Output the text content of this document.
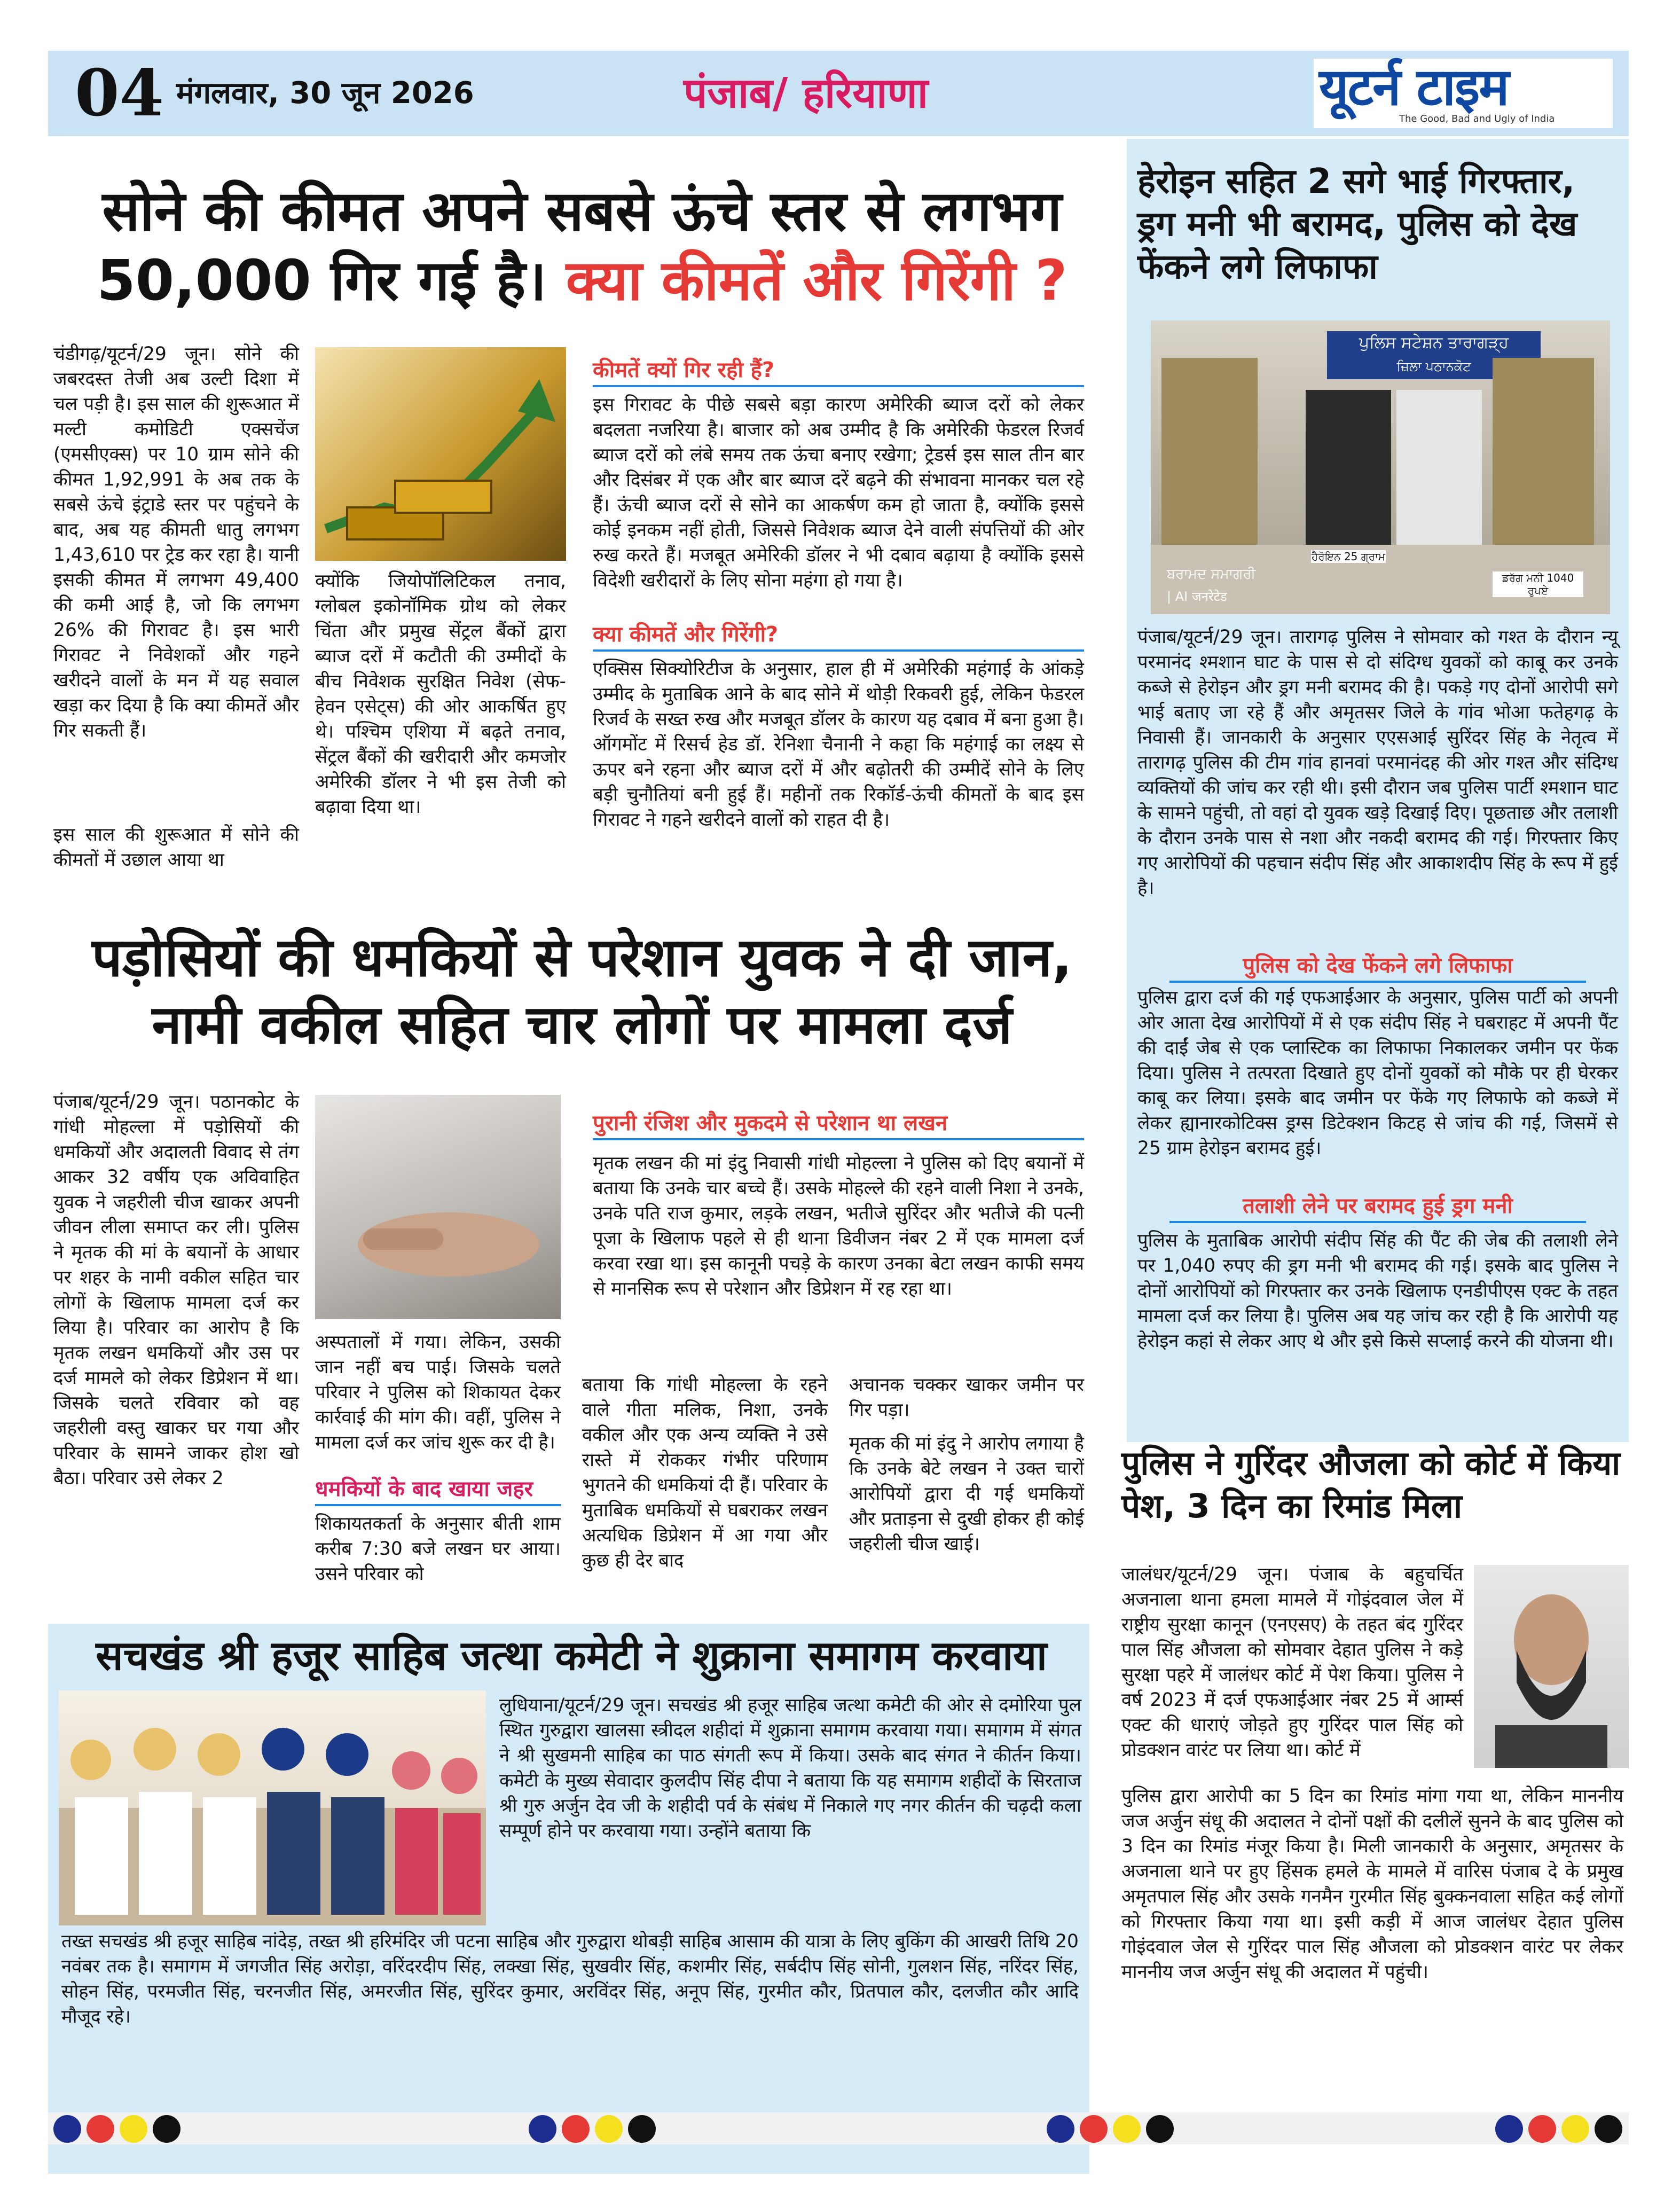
04 मंगलवार, 30 जून 2026	पंजाब/ हरियाणा	यूटर्न टाइम
The Good, Bad and Ugly of India
सोने की कीमत अपने सबसे ऊंचे स्तर से लगभग
50,000 गिर गई है। क्या कीमतें और गिरेंगी ?
चंडीगढ़/यूटर्न/29 जून। सोने की जबरदस्त तेजी अब उल्टी दिशा में चल पड़ी है। इस साल की शुरूआत में मल्टी कमोडिटी एक्सचेंज (एमसीएक्स) पर 10 ग्राम सोने की कीमत 1,92,991 के अब तक के सबसे ऊंचे इंट्राडे स्तर पर पहुंचने के बाद, अब यह कीमती धातु लगभग 1,43,610 पर ट्रेड कर रहा है। यानी इसकी कीमत में लगभग 49,400 की कमी आई है, जो कि लगभग 26% की गिरावट है। इस भारी गिरावट ने निवेशकों और गहने खरीदने वालों के मन में यह सवाल खड़ा कर दिया है कि क्या कीमतें और गिर सकती हैं।
इस साल की शुरूआत में सोने की कीमतों में उछाल आया था
क्योंकि जियोपॉलिटिकल तनाव, ग्लोबल इकोनॉमिक ग्रोथ को लेकर चिंता और प्रमुख सेंट्रल बैंकों द्वारा ब्याज दरों में कटौती की उम्मीदों के बीच निवेशक सुरक्षित निवेश (सेफ-हेवन एसेट्स) की ओर आकर्षित हुए थे। पश्चिम एशिया में बढ़ते तनाव, सेंट्रल बैंकों की खरीदारी और कमजोर अमेरिकी डॉलर ने भी इस तेजी को बढ़ावा दिया था।
कीमतें क्यों गिर रही हैं?
इस गिरावट के पीछे सबसे बड़ा कारण अमेरिकी ब्याज दरों को लेकर बदलता नजरिया है। बाजार को अब उम्मीद है कि अमेरिकी फेडरल रिजर्व ब्याज दरों को लंबे समय तक ऊंचा बनाए रखेगा; ट्रेडर्स इस साल तीन बार और दिसंबर में एक और बार ब्याज दरें बढ़ने की संभावना मानकर चल रहे हैं। ऊंची ब्याज दरों से सोने का आकर्षण कम हो जाता है, क्योंकि इससे कोई इनकम नहीं होती, जिससे निवेशक ब्याज देने वाली संपत्तियों की ओर रुख करते हैं। मजबूत अमेरिकी डॉलर ने भी दबाव बढ़ाया है क्योंकि इससे विदेशी खरीदारों के लिए सोना महंगा हो गया है।
क्या कीमतें और गिरेंगी?
एक्सिस सिक्योरिटीज के अनुसार, हाल ही में अमेरिकी महंगाई के आंकड़े उम्मीद के मुताबिक आने के बाद सोने में थोड़ी रिकवरी हुई, लेकिन फेडरल रिजर्व के सख्त रुख और मजबूत डॉलर के कारण यह दबाव में बना हुआ है। ऑगमोंट में रिसर्च हेड डॉ. रेनिशा चैनानी ने कहा कि महंगाई का लक्ष्य से ऊपर बने रहना और ब्याज दरों में और बढ़ोतरी की उम्मीदें सोने के लिए बड़ी चुनौतियां बनी हुई हैं। महीनों तक रिकॉर्ड-ऊंची कीमतों के बाद इस गिरावट ने गहने खरीदने वालों को राहत दी है।
पड़ोसियों की धमकियों से परेशान युवक ने दी जान,
नामी वकील सहित चार लोगों पर मामला दर्ज
पंजाब/यूटर्न/29 जून। पठानकोट के गांधी मोहल्ला में पड़ोसियों की धमकियों और अदालती विवाद से तंग आकर 32 वर्षीय एक अविवाहित युवक ने जहरीली चीज खाकर अपनी जीवन लीला समाप्त कर ली। पुलिस ने मृतक की मां के बयानों के आधार पर शहर के नामी वकील सहित चार लोगों के खिलाफ मामला दर्ज कर लिया है। परिवार का आरोप है कि मृतक लखन धमकियों और उस पर दर्ज मामले को लेकर डिप्रेशन में था। जिसके चलते रविवार को वह जहरीली वस्तु खाकर घर गया और परिवार के सामने जाकर होश खो बैठा। परिवार उसे लेकर 2
अस्पतालों में गया। लेकिन, उसकी जान नहीं बच पाई। जिसके चलते परिवार ने पुलिस को शिकायत देकर कार्रवाई की मांग की। वहीं, पुलिस ने मामला दर्ज कर जांच शुरू कर दी है।
धमकियों के बाद खाया जहर
शिकायतकर्ता के अनुसार बीती शाम करीब 7:30 बजे लखन घर आया। उसने परिवार को
पुरानी रंजिश और मुकदमे से परेशान था लखन
मृतक लखन की मां इंदु निवासी गांधी मोहल्ला ने पुलिस को दिए बयानों में बताया कि उनके चार बच्चे हैं। उसके मोहल्ले की रहने वाली निशा ने उनके, उनके पति राज कुमार, लड़के लखन, भतीजे सुरिंदर और भतीजे की पत्नी पूजा के खिलाफ पहले से ही थाना डिवीजन नंबर 2 में एक मामला दर्ज करवा रखा था। इस कानूनी पचड़े के कारण उनका बेटा लखन काफी समय से मानसिक रूप से परेशान और डिप्रेशन में रह रहा था।
बताया कि गांधी मोहल्ला के रहने वाले गीता मलिक, निशा, उनके वकील और एक अन्य व्यक्ति ने उसे रास्ते में रोककर गंभीर परिणाम भुगतने की धमकियां दी हैं। परिवार के मुताबिक धमकियों से घबराकर लखन अत्यधिक डिप्रेशन में आ गया और कुछ ही देर बाद
अचानक चक्कर खाकर जमीन पर गिर पड़ा।
मृतक की मां इंदु ने आरोप लगाया है कि उनके बेटे लखन ने उक्त चारों आरोपियों द्वारा दी गई धमकियों और प्रताड़ना से दुखी होकर ही कोई जहरीली चीज खाई।
हेरोइन सहित 2 सगे भाई गिरफ्तार, ड्रग मनी भी बरामद, पुलिस को देख फेंकने लगे लिफाफा
ਪੁਲਿਸ ਸਟੇਸ਼ਨ ਤਾਰਾਗੜ੍ਹ
ਜ਼ਿਲਾ ਪਠਾਨਕੋਟ
ਬਰਾਮਦ ਸਮਾਗਰੀ
| AI जनरेटेड
ਹੈਰੋਇਨ 25 ਗ੍ਰਾਮ
ਡਰੱਗ ਮਨੀ 1040 ਰੁਪਏ
पंजाब/यूटर्न/29 जून। तारागढ़ पुलिस ने सोमवार को गश्त के दौरान न्यू परमानंद श्मशान घाट के पास से दो संदिग्ध युवकों को काबू कर उनके कब्जे से हेरोइन और ड्रग मनी बरामद की है। पकड़े गए दोनों आरोपी सगे भाई बताए जा रहे हैं और अमृतसर जिले के गांव भोआ फतेहगढ़ के निवासी हैं। जानकारी के अनुसार एएसआई सुरिंदर सिंह के नेतृत्व में तारागढ़ पुलिस की टीम गांव हानवां परमानंदह की ओर गश्त और संदिग्ध व्यक्तियों की जांच कर रही थी। इसी दौरान जब पुलिस पार्टी श्मशान घाट के सामने पहुंची, तो वहां दो युवक खड़े दिखाई दिए। पूछताछ और तलाशी के दौरान उनके पास से नशा और नकदी बरामद की गई। गिरफ्तार किए गए आरोपियों की पहचान संदीप सिंह और आकाशदीप सिंह के रूप में हुई है।
पुलिस को देख फेंकने लगे लिफाफा
पुलिस द्वारा दर्ज की गई एफआईआर के अनुसार, पुलिस पार्टी को अपनी ओर आता देख आरोपियों में से एक संदीप सिंह ने घबराहट में अपनी पैंट की दाईं जेब से एक प्लास्टिक का लिफाफा निकालकर जमीन पर फेंक दिया। पुलिस ने तत्परता दिखाते हुए दोनों युवकों को मौके पर ही घेरकर काबू कर लिया। इसके बाद जमीन पर फेंके गए लिफाफे को कब्जे में लेकर ह्यानारकोटिक्स ड्रग्स डिटेक्शन किटह से जांच की गई, जिसमें से 25 ग्राम हेरोइन बरामद हुई।
तलाशी लेने पर बरामद हुई ड्रग मनी
पुलिस के मुताबिक आरोपी संदीप सिंह की पैंट की जेब की तलाशी लेने पर 1,040 रुपए की ड्रग मनी भी बरामद की गई। इसके बाद पुलिस ने दोनों आरोपियों को गिरफ्तार कर उनके खिलाफ एनडीपीएस एक्ट के तहत मामला दर्ज कर लिया है। पुलिस अब यह जांच कर रही है कि आरोपी यह हेरोइन कहां से लेकर आए थे और इसे किसे सप्लाई करने की योजना थी।
पुलिस ने गुरिंदर औजला को कोर्ट में किया पेश, 3 दिन का रिमांड मिला
जालंधर/यूटर्न/29 जून। पंजाब के बहुचर्चित अजनाला थाना हमला मामले में गोइंदवाल जेल में राष्ट्रीय सुरक्षा कानून (एनएसए) के तहत बंद गुरिंदर पाल सिंह औजला को सोमवार देहात पुलिस ने कड़े सुरक्षा पहरे में जालंधर कोर्ट में पेश किया। पुलिस ने वर्ष 2023 में दर्ज एफआईआर नंबर 25 में आर्म्स एक्ट की धाराएं जोड़ते हुए गुरिंदर पाल सिंह को प्रोडक्शन वारंट पर लिया था। कोर्ट में
पुलिस द्वारा आरोपी का 5 दिन का रिमांड मांगा गया था, लेकिन माननीय जज अर्जुन संधू की अदालत ने दोनों पक्षों की दलीलें सुनने के बाद पुलिस को 3 दिन का रिमांड मंजूर किया है। मिली जानकारी के अनुसार, अमृतसर के अजनाला थाने पर हुए हिंसक हमले के मामले में वारिस पंजाब दे के प्रमुख अमृतपाल सिंह और उसके गनमैन गुरमीत सिंह बुक्कनवाला सहित कई लोगों को गिरफ्तार किया गया था। इसी कड़ी में आज जालंधर देहात पुलिस गोइंदवाल जेल से गुरिंदर पाल सिंह औजला को प्रोडक्शन वारंट पर लेकर माननीय जज अर्जुन संधू की अदालत में पहुंची।
सचखंड श्री हजूर साहिब जत्था कमेटी ने शुक्राना समागम करवाया
लुधियाना/यूटर्न/29 जून। सचखंड श्री हजूर साहिब जत्था कमेटी की ओर से दमोरिया पुल स्थित गुरुद्वारा खालसा स्त्रीदल शहीदां में शुक्राना समागम करवाया गया। समागम में संगत ने श्री सुखमनी साहिब का पाठ संगती रूप में किया। उसके बाद संगत ने कीर्तन किया। कमेटी के मुख्य सेवादार कुलदीप सिंह दीपा ने बताया कि यह समागम शहीदों के सिरताज श्री गुरु अर्जुन देव जी के शहीदी पर्व के संबंध में निकाले गए नगर कीर्तन की चढ़दी कला सम्पूर्ण होने पर करवाया गया। उन्होंने बताया कि
तख्त सचखंड श्री हजूर साहिब नांदेड़, तख्त श्री हरिमंदिर जी पटना साहिब और गुरुद्वारा थोबड़ी साहिब आसाम की यात्रा के लिए बुकिंग की आखरी तिथि 20 नवंबर तक है। समागम में जगजीत सिंह अरोड़ा, वरिंदरदीप सिंह, लक्खा सिंह, सुखवीर सिंह, कशमीर सिंह, सर्बदीप सिंह सोनी, गुलशन सिंह, नरिंदर सिंह, सोहन सिंह, परमजीत सिंह, चरनजीत सिंह, अमरजीत सिंह, सुरिंदर कुमार, अरविंदर सिंह, अनूप सिंह, गुरमीत कौर, प्रितपाल कौर, दलजीत कौर आदि मौजूद रहे।
